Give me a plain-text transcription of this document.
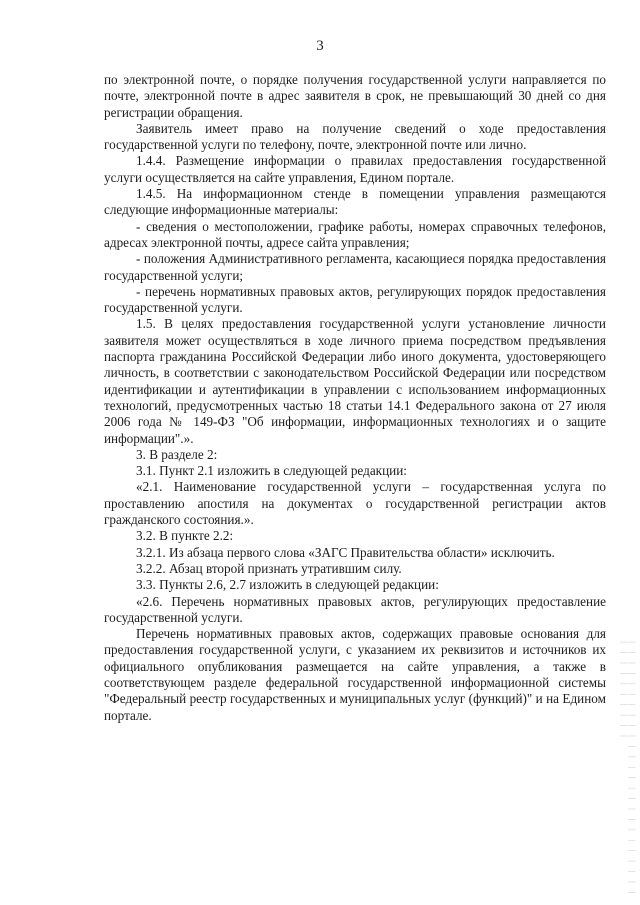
3

по электронной почте, о порядке получения государственной услуги направляется по почте, электронной почте в адрес заявителя в срок, не превышающий 30 дней со дня регистрации обращения.

Заявитель имеет право на получение сведений о ходе предоставления государственной услуги по телефону, почте, электронной почте или лично.

1.4.4. Размещение информации о правилах предоставления государственной услуги осуществляется на сайте управления, Едином портале.

1.4.5. На информационном стенде в помещении управления размещаются следующие информационные материалы:

- сведения о местоположении, графике работы, номерах справочных телефонов, адресах электронной почты, адресе сайта управления;

- положения Административного регламента, касающиеся порядка предоставления государственной услуги;

- перечень нормативных правовых актов, регулирующих порядок предоставления государственной услуги.

1.5. В целях предоставления государственной услуги установление личности заявителя может осуществляться в ходе личного приема посредством предъявления паспорта гражданина Российской Федерации либо иного документа, удостоверяющего личность, в соответствии с законодательством Российской Федерации или посредством идентификации и аутентификации в управлении с использованием информационных технологий, предусмотренных частью 18 статьи 14.1 Федерального закона от 27 июля 2006 года № 149-ФЗ "Об информации, информационных технологиях и о защите информации".».

3. В разделе 2:

3.1. Пункт 2.1 изложить в следующей редакции:

«2.1. Наименование государственной услуги – государственная услуга по проставлению апостиля на документах о государственной регистрации актов гражданского состояния.».

3.2. В пункте 2.2:

3.2.1. Из абзаца первого слова «ЗАГС Правительства области» исключить.

3.2.2. Абзац второй признать утратившим силу.

3.3. Пункты 2.6, 2.7 изложить в следующей редакции:

«2.6. Перечень нормативных правовых актов, регулирующих предоставление государственной услуги.

Перечень нормативных правовых актов, содержащих правовые основания для предоставления государственной услуги, с указанием их реквизитов и источников их официального опубликования размещается на сайте управления, а также в соответствующем разделе федеральной государственной информационной системы "Федеральный реестр государственных и муниципальных услуг (функций)" и на Едином портале.	| | | | | | | | | | | | | | | | | | | | | | | | | | | | | | | | | | |
